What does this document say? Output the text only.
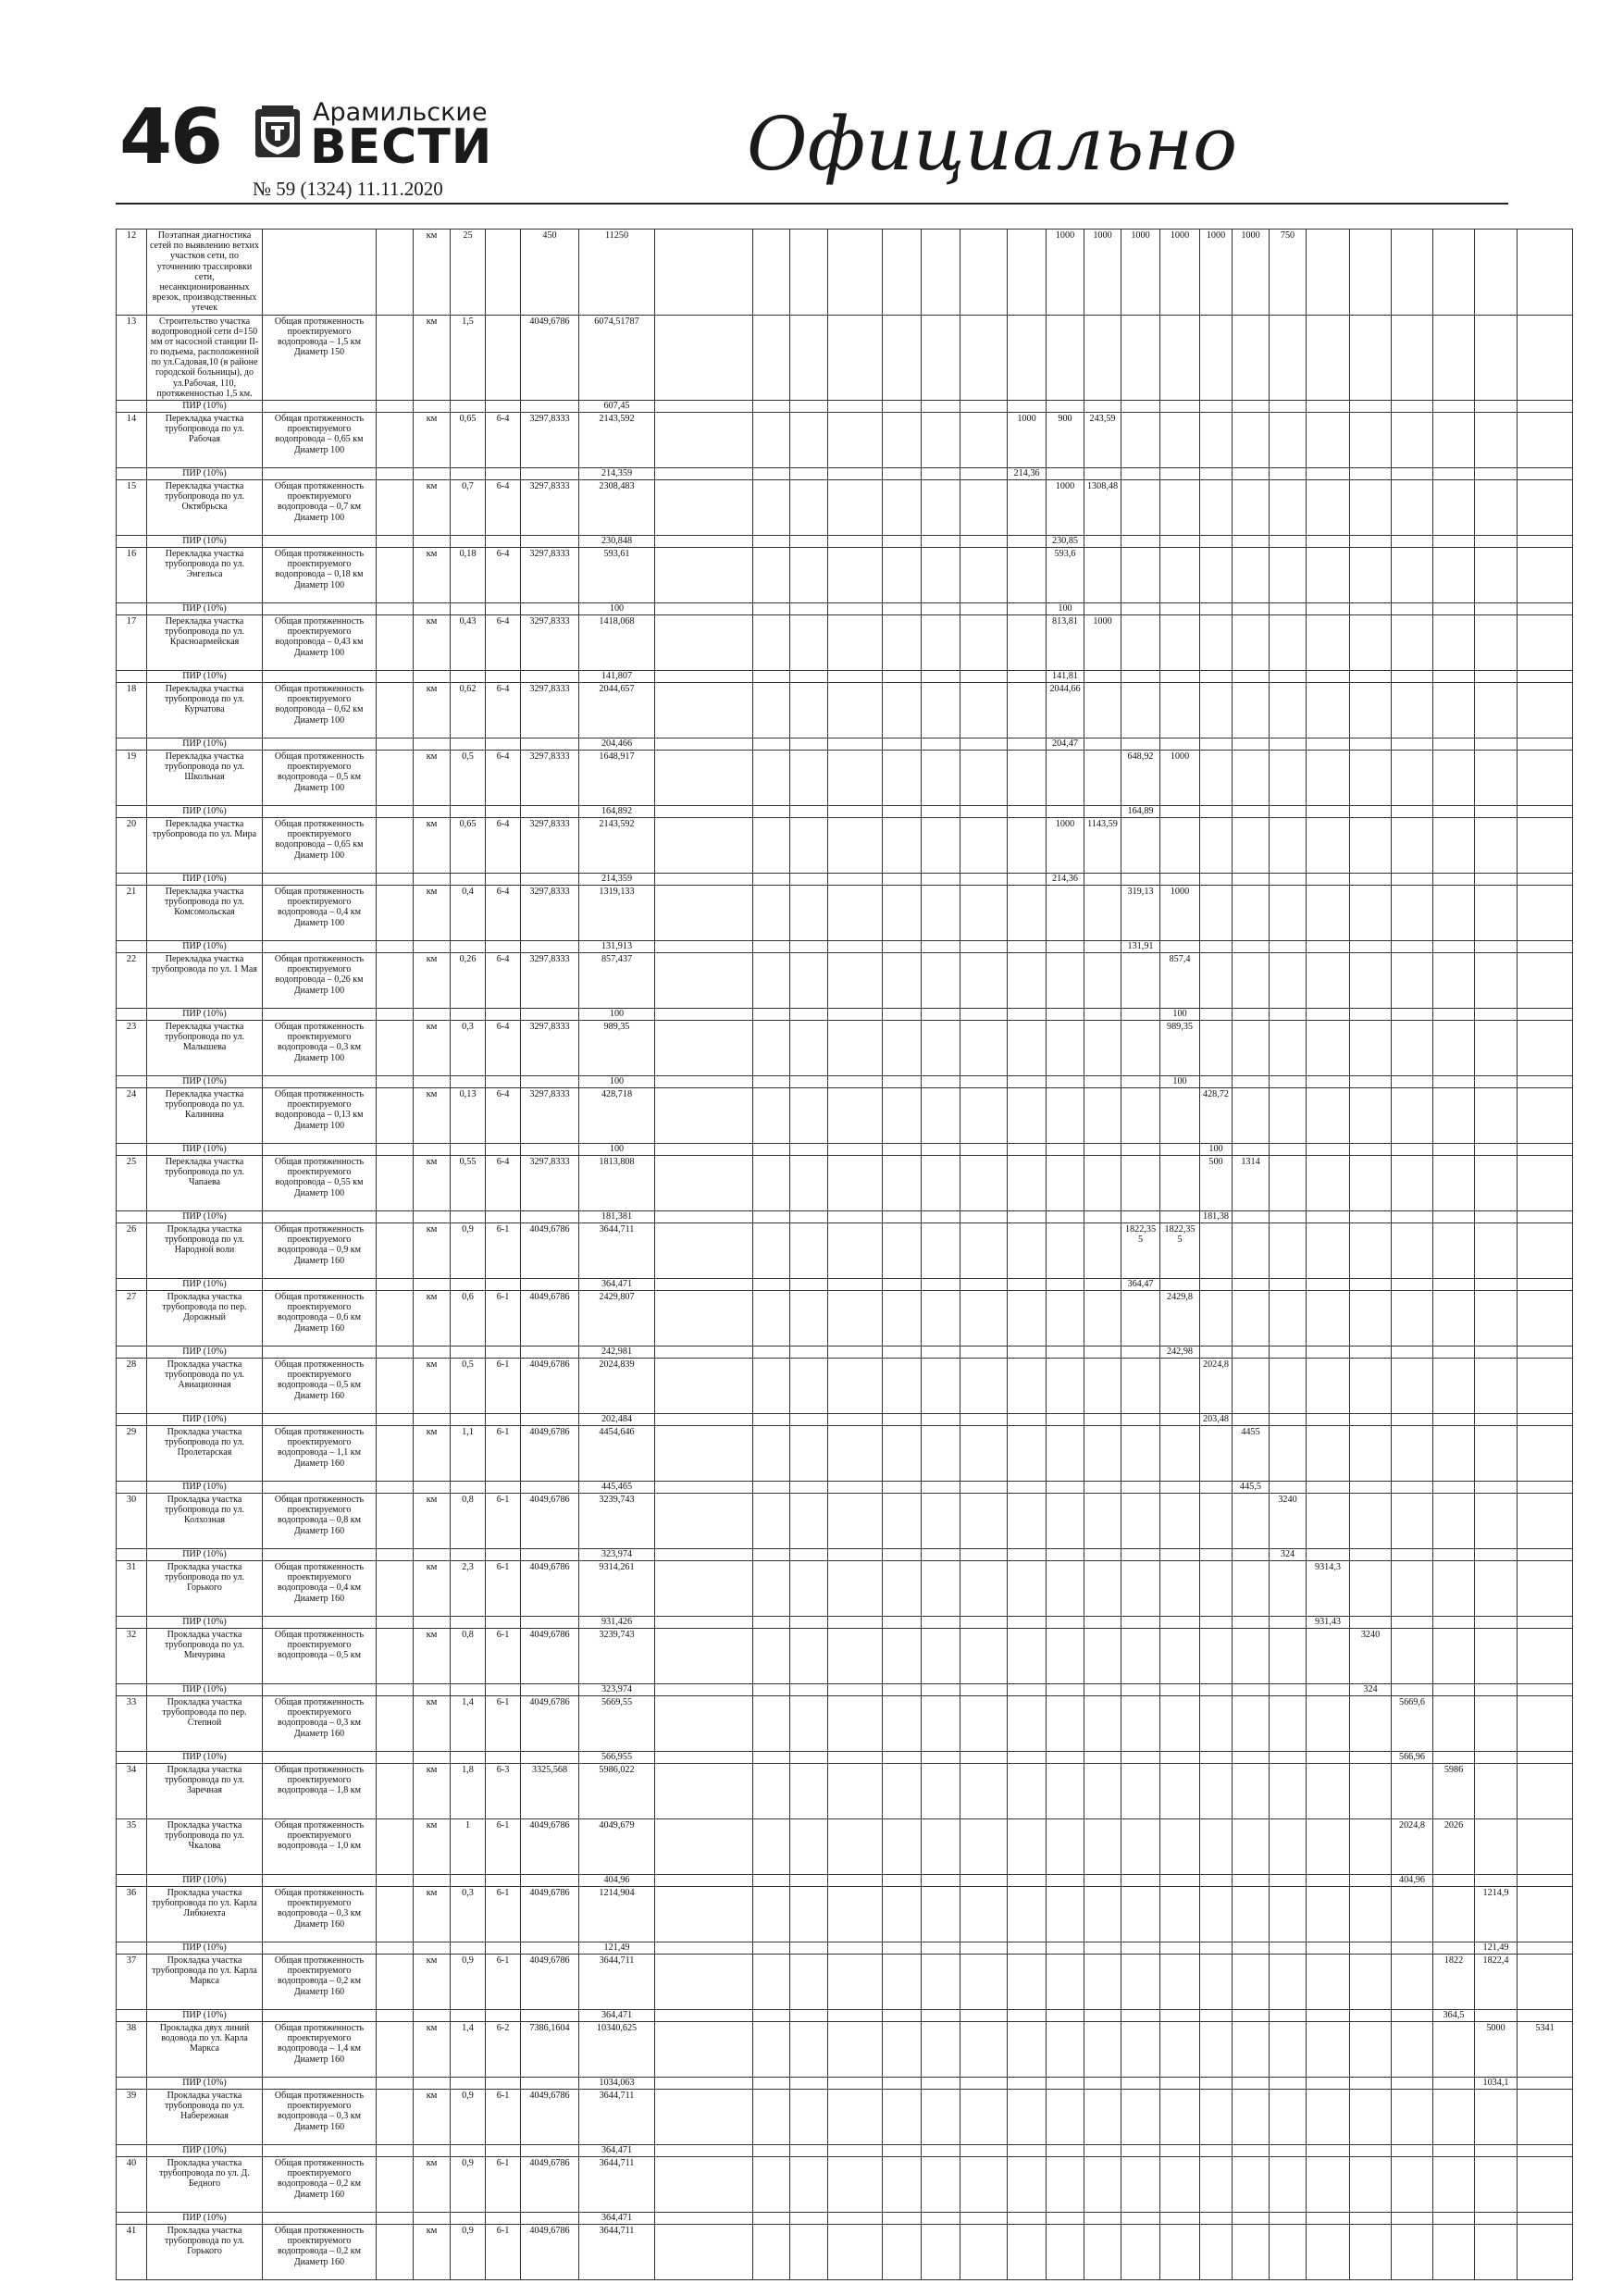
46	Арамильские
ВЕСТИ
№ 59 (1324) 11.11.2020
Официально
12	Поэтапная диагностика сетей по выявлению ветхих участков сети, по уточнению трассировки сети, несанкционированных врезок, производственных утечек			км	25		450	11250									1000	1000	1000	1000	1000	1000	750						
13	Строительство участка водопроводной сети d=150 мм от насосной станции II-го подъема, расположенной по ул.Садовая,10 (в районе городской больницы), до ул.Рабочая, 110, протяженностью 1,5 км.	Общая протяженность проектируемого водопровода – 1,5 км Диаметр 150		км	1,5		4049,6786	6074,51787																					
	ПИР (10%)							607,45																					
14	Перекладка участка трубопровода по ул. Рабочая	Общая протяженность проектируемого водопровода – 0,65 км Диаметр 100		км	0,65	6-4	3297,8333	2143,592								1000	900	243,59											
	ПИР (10%)							214,359								214,36													
15	Перекладка участка трубопровода по ул. Октябрьска	Общая протяженность проектируемого водопровода – 0,7 км Диаметр 100		км	0,7	6-4	3297,8333	2308,483									1000	1308,48											
	ПИР (10%)							230,848									230,85												
16	Перекладка участка трубопровода по ул. Энгельса	Общая протяженность проектируемого водопровода – 0,18 км Диаметр 100		км	0,18	6-4	3297,8333	593,61									593,6												
	ПИР (10%)							100									100												
17	Перекладка участка трубопровода по ул. Красноармейская	Общая протяженность проектируемого водопровода – 0,43 км Диаметр 100		км	0,43	6-4	3297,8333	1418,068									813,81	1000											
	ПИР (10%)							141,807									141,81												
18	Перекладка участка трубопровода по ул. Курчатова	Общая протяженность проектируемого водопровода – 0,62 км Диаметр 100		км	0,62	6-4	3297,8333	2044,657									2044,66												
	ПИР (10%)							204,466									204,47												
19	Перекладка участка трубопровода по ул. Школьная	Общая протяженность проектируемого водопровода – 0,5 км Диаметр 100		км	0,5	6-4	3297,8333	1648,917											648,92	1000									
	ПИР (10%)							164,892											164,89										
20	Перекладка участка трубопровода по ул. Мира	Общая протяженность проектируемого водопровода – 0,65 км Диаметр 100		км	0,65	6-4	3297,8333	2143,592									1000	1143,59											
	ПИР (10%)							214,359									214,36												
21	Перекладка участка трубопровода по ул. Комсомольская	Общая протяженность проектируемого водопровода – 0,4 км Диаметр 100		км	0,4	6-4	3297,8333	1319,133											319,13	1000									
	ПИР (10%)							131,913											131,91										
22	Перекладка участка трубопровода по ул. 1 Мая	Общая протяженность проектируемого водопровода – 0,26 км Диаметр 100		км	0,26	6-4	3297,8333	857,437												857,4									
	ПИР (10%)							100												100									
23	Перекладка участка трубопровода по ул. Малышева	Общая протяженность проектируемого водопровода – 0,3 км Диаметр 100		км	0,3	6-4	3297,8333	989,35												989,35									
	ПИР (10%)							100												100									
24	Перекладка участка трубопровода по ул. Калинина	Общая протяженность проектируемого водопровода – 0,13 км Диаметр 100		км	0,13	6-4	3297,8333	428,718													428,72								
	ПИР (10%)							100													100								
25	Перекладка участка трубопровода по ул. Чапаева	Общая протяженность проектируемого водопровода – 0,55 км Диаметр 100		км	0,55	6-4	3297,8333	1813,808													500	1314							
	ПИР (10%)							181,381													181,38								
26	Прокладка участка трубопровода по ул. Народной воли	Общая протяженность проектируемого водопровода – 0,9 км Диаметр 160		км	0,9	6-1	4049,6786	3644,711											1822,355	1822,355									
	ПИР (10%)							364,471											364,47										
27	Прокладка участка трубопровода по пер. Дорожный	Общая протяженность проектируемого водопровода – 0,6 км Диаметр 160		км	0,6	6-1	4049,6786	2429,807												2429,8									
	ПИР (10%)							242,981												242,98									
28	Прокладка участка трубопровода по ул. Авиационная	Общая протяженность проектируемого водопровода – 0,5 км Диаметр 160		км	0,5	6-1	4049,6786	2024,839													2024,8								
	ПИР (10%)							202,484													203,48								
29	Прокладка участка трубопровода по ул. Пролетарская	Общая протяженность проектируемого водопровода – 1,1 км Диаметр 160		км	1,1	6-1	4049,6786	4454,646														4455							
	ПИР (10%)							445,465														445,5							
30	Прокладка участка трубопровода по ул. Колхозная	Общая протяженность проектируемого водопровода – 0,8 км Диаметр 160		км	0,8	6-1	4049,6786	3239,743															3240						
	ПИР (10%)							323,974															324						
31	Прокладка участка трубопровода по ул. Горького	Общая протяженность проектируемого водопровода – 0,4 км Диаметр 160		км	2,3	6-1	4049,6786	9314,261																9314,3					
	ПИР (10%)							931,426																931,43					
32	Прокладка участка трубопровода по ул. Мичурина	Общая протяженность проектируемого водопровода – 0,5 км		км	0,8	6-1	4049,6786	3239,743																	3240				
	ПИР (10%)							323,974																	324				
33	Прокладка участка трубопровода по пер. Степной	Общая протяженность проектируемого водопровода – 0,3 км Диаметр 160		км	1,4	6-1	4049,6786	5669,55																		5669,6			
	ПИР (10%)							566,955																		566,96			
34	Прокладка участка трубопровода по ул. Заречная	Общая протяженность проектируемого водопровода – 1,8 км		км	1,8	6-3	3325,568	5986,022																			5986		
35	Прокладка участка трубопровода по ул. Чкалова	Общая протяженность проектируемого водопровода – 1,0 км		км	1	6-1	4049,6786	4049,679																		2024,8	2026		
	ПИР (10%)							404,96																		404,96			
36	Прокладка участка трубопровода по ул. Карла Либкнехта	Общая протяженность проектируемого водопровода – 0,3 км Диаметр 160		км	0,3	6-1	4049,6786	1214,904																				1214,9	
	ПИР (10%)							121,49																				121,49	
37	Прокладка участка трубопровода по ул. Карла Маркса	Общая протяженность проектируемого водопровода – 0,2 км Диаметр 160		км	0,9	6-1	4049,6786	3644,711																			1822	1822,4	
	ПИР (10%)							364,471																			364,5		
38	Прокладка двух линий водовода по ул. Карла Маркса	Общая протяженность проектируемого водопровода – 1,4 км Диаметр 160		км	1,4	6-2	7386,1604	10340,625																				5000	5341
	ПИР (10%)							1034,063																				1034,1	
39	Прокладка участка трубопровода по ул. Набережная	Общая протяженность проектируемого водопровода – 0,3 км Диаметр 160		км	0,9	6-1	4049,6786	3644,711																					
	ПИР (10%)							364,471																					
40	Прокладка участка трубопровода по ул. Д. Бедного	Общая протяженность проектируемого водопровода – 0,2 км Диаметр 160		км	0,9	6-1	4049,6786	3644,711																					
	ПИР (10%)							364,471																					
41	Прокладка участка трубопровода по ул. Горького	Общая протяженность проектируемого водопровода – 0,2 км Диаметр 160		км	0,9	6-1	4049,6786	3644,711																					
